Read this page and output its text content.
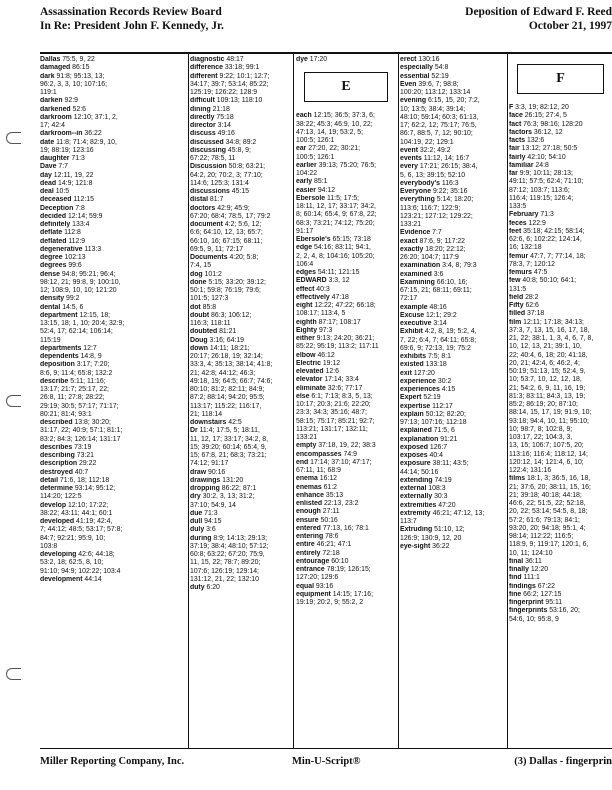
Assassination Records Review Board
In Re: President John F. Kennedy, Jr.
Deposition of Edward F. Reed
October 21, 1997
Dallas 75:5, 9, 22
damaged 86:15
dark 91:8; 95:13, 13;
96:2, 3, 3, 10; 107:16;
119:1
darken 92:9
darkened 52:6
darkroom 12:10; 37:1, 2,
17; 42:4
darkroom--in 36:22
date 11:8; 71:4; 82:9, 10,
19; 88:19; 123:16
daughter 71:3
Dave 7:7
day 12:11, 19, 22
dead 14:9; 121:8
deal 10:5
deceased 112:15
Deception 7:8
decided 12:14; 59:9
definitely 133:4
deflate 112:8
deflated 112:9
degenerative 113:3
degree 102:13
degrees 99:6
dense 94:8; 95:21; 96:4;
98:12, 21; 99:8, 9; 100:10,
12; 108:9, 10, 10; 121:20
density 99:2
dental 14:5, 6
department 12:15, 18;
13:15, 18; 1, 10; 20:4; 32:9;
52:4, 17; 62:14; 106:14;
115:19
departments 12:7
dependents 14:8, 9
deposition 3:17; 7:20;
8:6, 9; 11:4; 65:8; 132:2
describe 5:11; 11:16;
13:17; 21:7; 25:17, 22;
26:8, 11; 27:8; 28:22;
29:19; 30:5; 57:17; 71:17;
80:21; 81:4; 93:1
described 13:8; 30:20;
31:17, 22; 40:9; 57:1; 81:1;
83:2; 84:3; 126:14; 131:17
describes 73:19
describing 73:21
description 29:22
destroyed 40:7
detail 71:6, 18; 112:18
determine 93:14; 95:12;
114:20; 122:5
develop 12:10; 17:22;
38:22; 43:11; 44:1; 60:1
developed 41:19; 42:4,
7; 44:12; 48:5; 53:17; 57:8;
84:7; 92:21; 95:9, 10;
103:8
developing 42:6; 44:18;
53:2, 18; 62:5, 8, 10;
91:10; 94:9; 102:22; 103:4
development 44:14
diagnostic 48:17
difference 33:18; 99:1
different 9:22; 10:1; 12:7;
34:17; 39:7; 53:14; 85:22;
125:19; 126:22; 128:9
difficult 109:13; 118:10
dining 21:18
directly 75:18
director 3:14
discuss 49:16
discussed 34:8; 89:2
discussing 45:8, 9;
67:22; 78:5, 11
Discussion 50:8; 63:21;
64:2, 20; 70:2, 3; 77:10;
114:6; 125:3; 131:4
discussions 45:15
distal 81:7
doctors 42:9; 45:9;
67:20; 68:4; 78:5, 17; 79:2
document 4:2; 5:6, 12;
6:6; 64:10, 12, 13; 65:7;
66:10, 16; 67:15; 68:11;
69:5, 9, 11; 72:17
Documents 4:20; 5:8;
7:4, 15
dog 101:2
done 5:15; 33:20; 39:12;
50:1; 59:8; 76:19; 79:6;
101:5; 127:3
dot 85:8
doubt 86:3; 106:12;
116:3; 118:11
doubted 81:21
Doug 3:16; 64:19
down 14:11; 18:21;
20:17; 26:18, 19; 32:14;
33:3, 4; 35:13; 38:14; 41:8;
21; 42:8; 44:12; 46:3;
49:18, 19; 64:5; 66:7; 74:6;
80:10; 81:2; 82:11; 84:9;
87:2; 88:14; 94:20; 95:5;
113:17; 115:22; 116:17,
21; 118:14
downstairs 42:5
Dr 11:4; 17:5, 5; 18:11,
11, 12, 17; 33:17; 34:2, 8,
15; 39:20; 60:14; 65:4, 9,
15; 67:8, 21; 68:3; 73:21;
74:12; 91:17
draw 90:16
drawings 131:20
dropping 86:22; 87:1
dry 30:2, 3, 13; 31:2;
37:10; 54:9, 14
due 71:3
dull 94:15
duly 3:6
during 8:9; 14:13; 29:13;
37:19; 38:4; 48:10; 57:12;
60:8; 63:22; 67:20; 75:9,
11, 15, 22; 78:7; 89:20;
107:6; 126:19; 129:14;
131:12, 21, 22; 132:10
duty 6:20
dye 17:20
E
each 12:15; 36:5; 37:3, 6;
38:22; 45:3; 46:9, 10, 22;
47:13, 14, 19; 53:2, 5;
100:5; 126:1
ear 27:20, 22; 30:21;
100:5; 126:1
earlier 39:13; 75:20; 76:5;
104:22
early 85:1
easier 94:12
Ebersole 11:5; 17:5;
18:11, 12, 17; 33:17; 34:2,
8; 60:14; 65:4, 9; 67:8, 22;
68:3; 73:21; 74:12; 75:20;
91:17
Ebersole's 65:15; 73:18
edge 54:16; 83:11; 94:1,
2, 2, 4, 8; 104:16; 105:20;
106:4
edges 54:11; 121:15
EDWARD 3:3, 12
effect 40:3
effectively 47:18
eight 12:22; 47:22; 66:18;
108:17; 113:4, 5
eighth 87:17; 108:17
Eighty 97:3
either 9:13; 24:20; 36:21;
85:22; 95:19; 113:2; 117:11
elbow 46:12
Electric 19:12
elevated 12:6
elevator 17:14; 33:4
eliminate 32:6; 77:17
else 6:1; 7:13; 8:3, 5, 13;
10:17; 20:3; 21:6; 22:20;
23:3; 34:3; 35:16; 48:7;
58:15; 75:17; 85:21; 92:7;
113:21; 131:17; 132:11;
133:21
empty 37:18, 19, 22; 38:3
encompasses 74:9
end 17:14; 37:10; 47:17;
67:11, 11; 68:9
enema 16:12
enemas 61:2
enhance 35:13
enlisted 22:13, 23:2
enough 27:11
ensure 50:16
entered 77:13, 16; 78:1
entering 78:6
entire 46:21; 47:1
entirely 72:18
entourage 60:10
entrance 78:19; 126:15;
127:20; 129:6
equal 93:16
equipment 14:15; 17:16;
19:19; 20:2, 9; 55:2, 2
erect 130:16
especially 54:8
essential 52:19
Even 39:6, 7; 98:8;
100:20; 113:12; 133:14
evening 6:15, 15, 20; 7:2,
10; 13:5; 38:4; 39:14;
48:10; 59:14; 60:3; 61:13,
17; 62:2, 12; 75:17; 76:5,
86:7, 88:5, 7, 12; 90:10;
104:19, 22; 129:1
event 32:2; 49:2
events 11:12, 14; 16:7
every 17:21; 26:15; 38:4,
5, 6, 13; 39:15; 52:10
everybody's 116:3
Everyone 9:22; 35:16
everything 5:14; 18:20;
113:6; 116:7; 122:9;
123:21; 127:12; 129:22;
133:21
Evidence 7:7
exact 87:6, 9; 117:22
exactly 18:20; 22:12;
26:20; 104:7; 117:9
examination 3:4, 8; 79:3
examined 3:6
Examining 66:10, 16;
67:15, 21; 68:11; 69:11;
72:17
example 48:16
Excuse 12:1; 29:2
executive 3:14
Exhibit 4:2, 8, 19; 5:2, 4,
7, 22; 6:4, 7; 64:11; 65:8;
69:6, 9; 72:13, 19; 75:2
exhibits 7:5; 8:1
existed 133:18
exit 127:20
experience 30:2
experiences 4:15
Expert 52:19
expertise 112:17
explain 50:12; 82:20;
97:13; 107:16; 112:18
explained 71:5, 6
explanation 91:21
exposed 126:7
exposes 40:4
exposure 38:11; 43:5;
44:14; 50:16
extending 74:19
external 108:3
externally 30:3
extremities 47:20
extremity 46:21; 47:12, 13;
113:7
Extruding 51:10, 12;
126:9; 130:9, 12, 20
eye-sight 36:22
F
F 3:3, 19; 82:12, 20
face 26:15; 27:4, 5
fact 76:3; 98:16; 128:20
factors 36:12, 12
facts 132:6
fair 13:12; 27:18; 50:5
fairly 42:10; 54:10
familiar 24:8
far 9:9; 10:11; 28:13;
49:11; 57:5; 62:4; 71:10;
87:12; 103:7; 113:6;
116:4; 119:15; 126:4;
133:5
February 71:3
feces 122:9
feet 35:18; 42:15; 58:14;
62:6, 6; 102:22; 124:14,
16; 132:18
femur 47:7, 7; 77:14, 18;
78:3, 7; 120:12
femurs 47:5
few 40:8; 50:10; 64:1;
131:5
field 28:2
Fifty 62:6
filled 37:18
film 12:11; 17:18; 34:13;
37:3, 7, 13, 15, 16, 17, 18,
21, 22; 38:1, 1, 3, 4, 6, 7, 8,
10, 12, 13, 21; 39:1, 10,
22; 40:4, 6, 18; 20; 41:18,
20, 21; 42:4, 6; 46:2, 4;
50:19; 51:13, 15; 52:4, 9,
10; 53:7, 10, 12, 12, 18,
21; 54:2, 6, 9, 11, 16, 19;
81:3; 83:11; 84:3, 13, 19;
85:2; 86:19; 20; 87:10;
88:14, 15, 17, 19; 91:9, 10;
93:18; 94:4, 10, 11; 95:10;
10; 98:7, 8; 102:8, 9;
103:17, 22; 104:3, 3,
13, 15; 106:7; 107:5, 20;
113:16; 116:4; 118:12, 14;
120:12, 14; 121:4, 6, 10;
122:4; 131:16
films 18:1, 3; 36:5, 16, 18,
21; 37:6, 20; 38:11, 15, 16;
21; 39:18; 40:18; 44:18;
46:6, 22; 51:5, 22; 52:18,
20, 22; 53:14; 54:5, 8, 18;
57:2; 61:6; 79:13; 84:1;
93:20, 20; 94:18; 95:1, 4;
98:14; 112:22; 116:5;
118:9, 9; 119:17; 120:1, 6,
10, 11; 124:10
final 36:11
finally 12:20
find 111:1
findings 67:22
fine 66:2; 127:15
fingerprint 95:11
fingerprints 53:16, 20;
54:6, 10; 95:8, 9
Miller Reporting Company, Inc.	Min-U-Script®	(3) Dallas - fingerprin
